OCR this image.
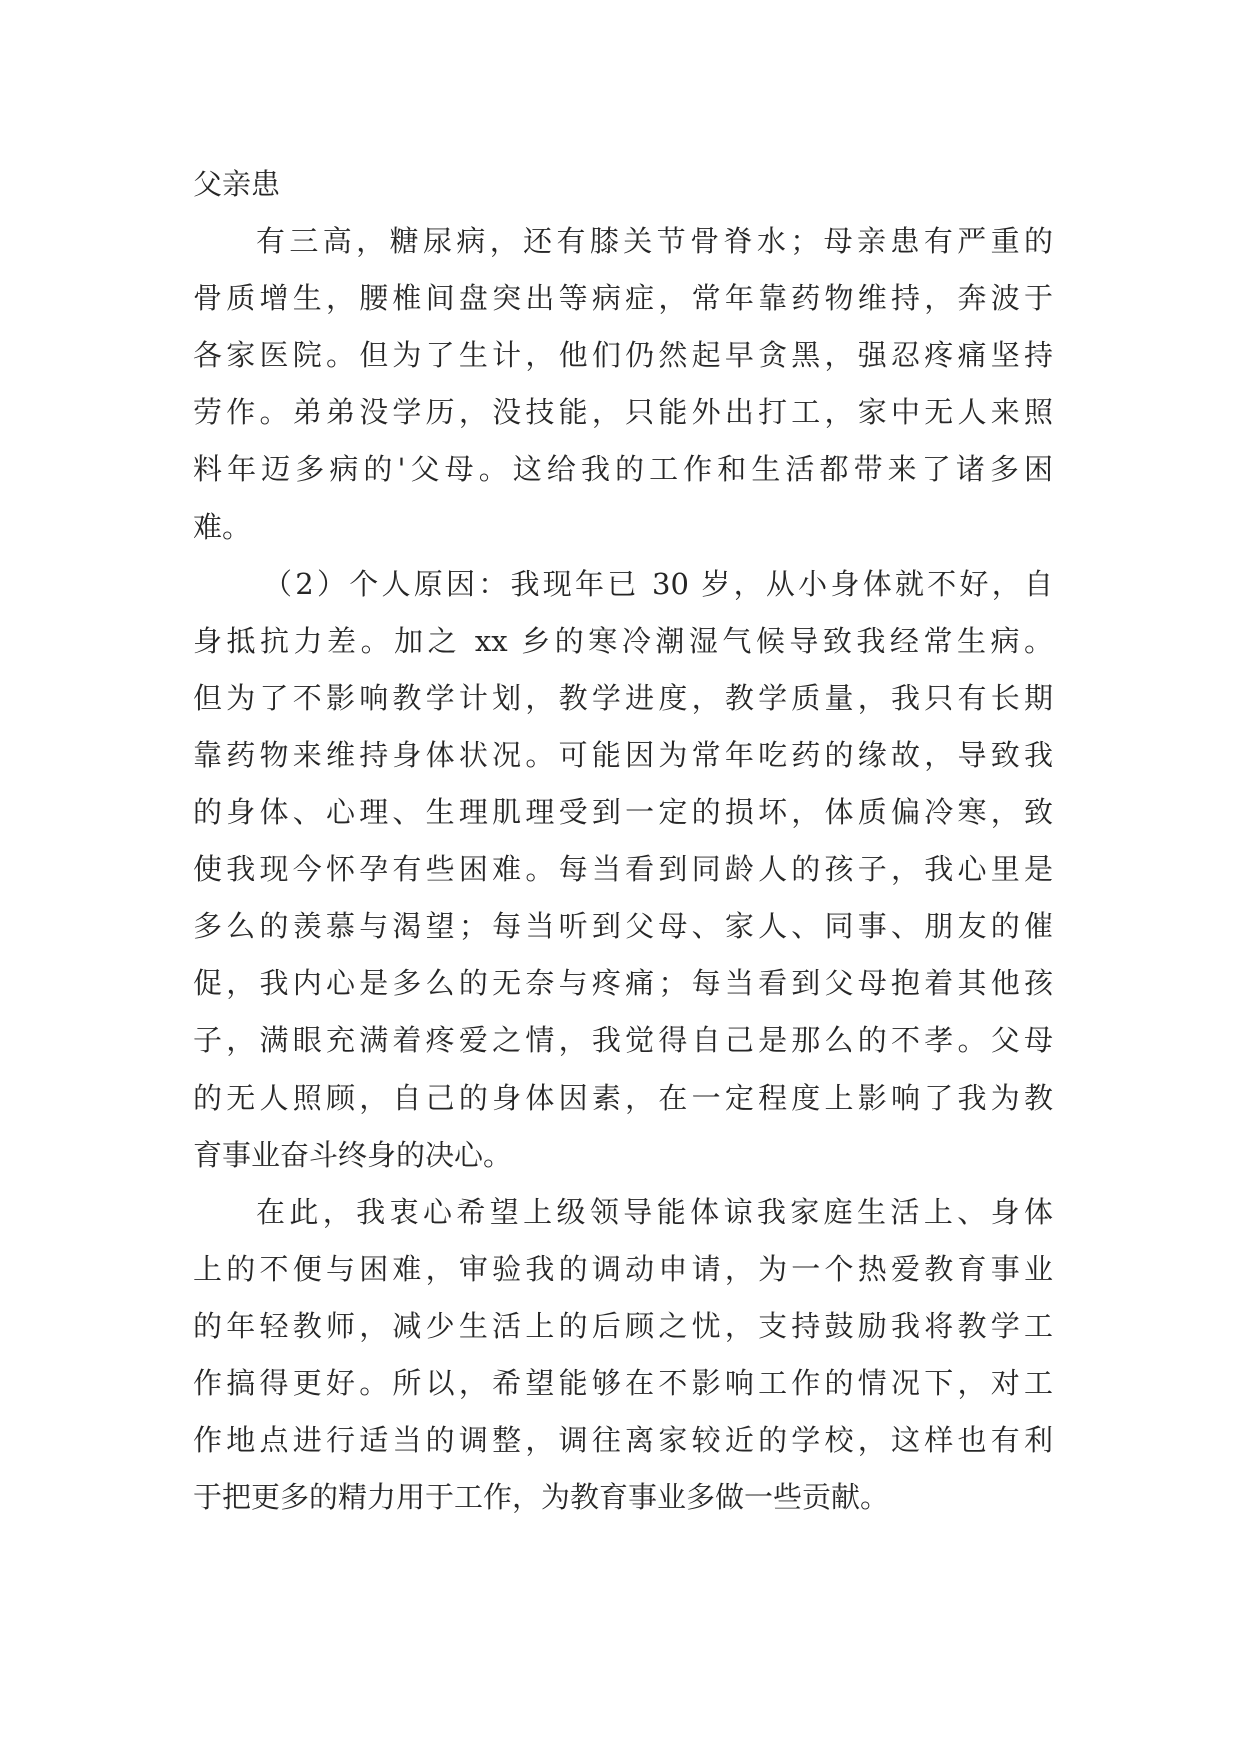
父亲患
有三高，糖尿病，还有膝关节骨脊水；母亲患有严重的
骨质增生，腰椎间盘突出等病症，常年靠药物维持，奔波于
各家医院。但为了生计，他们仍然起早贪黑，强忍疼痛坚持
劳作。弟弟没学历，没技能，只能外出打工，家中无人来照
料年迈多病的'父母。这给我的工作和生活都带来了诸多困
难。
（2）个人原因：我现年已 30 岁，从小身体就不好，自
身抵抗力差。加之 xx 乡的寒冷潮湿气候导致我经常生病。
但为了不影响教学计划，教学进度，教学质量，我只有长期
靠药物来维持身体状况。可能因为常年吃药的缘故，导致我
的身体、心理、生理肌理受到一定的损坏，体质偏冷寒，致
使我现今怀孕有些困难。每当看到同龄人的孩子，我心里是
多么的羡慕与渴望；每当听到父母、家人、同事、朋友的催
促，我内心是多么的无奈与疼痛；每当看到父母抱着其他孩
子，满眼充满着疼爱之情，我觉得自己是那么的不孝。父母
的无人照顾，自己的身体因素，在一定程度上影响了我为教
育事业奋斗终身的决心。
在此，我衷心希望上级领导能体谅我家庭生活上、身体
上的不便与困难，审验我的调动申请，为一个热爱教育事业
的年轻教师，减少生活上的后顾之忧，支持鼓励我将教学工
作搞得更好。所以，希望能够在不影响工作的情况下，对工
作地点进行适当的调整，调往离家较近的学校，这样也有利
于把更多的精力用于工作，为教育事业多做一些贡献。
